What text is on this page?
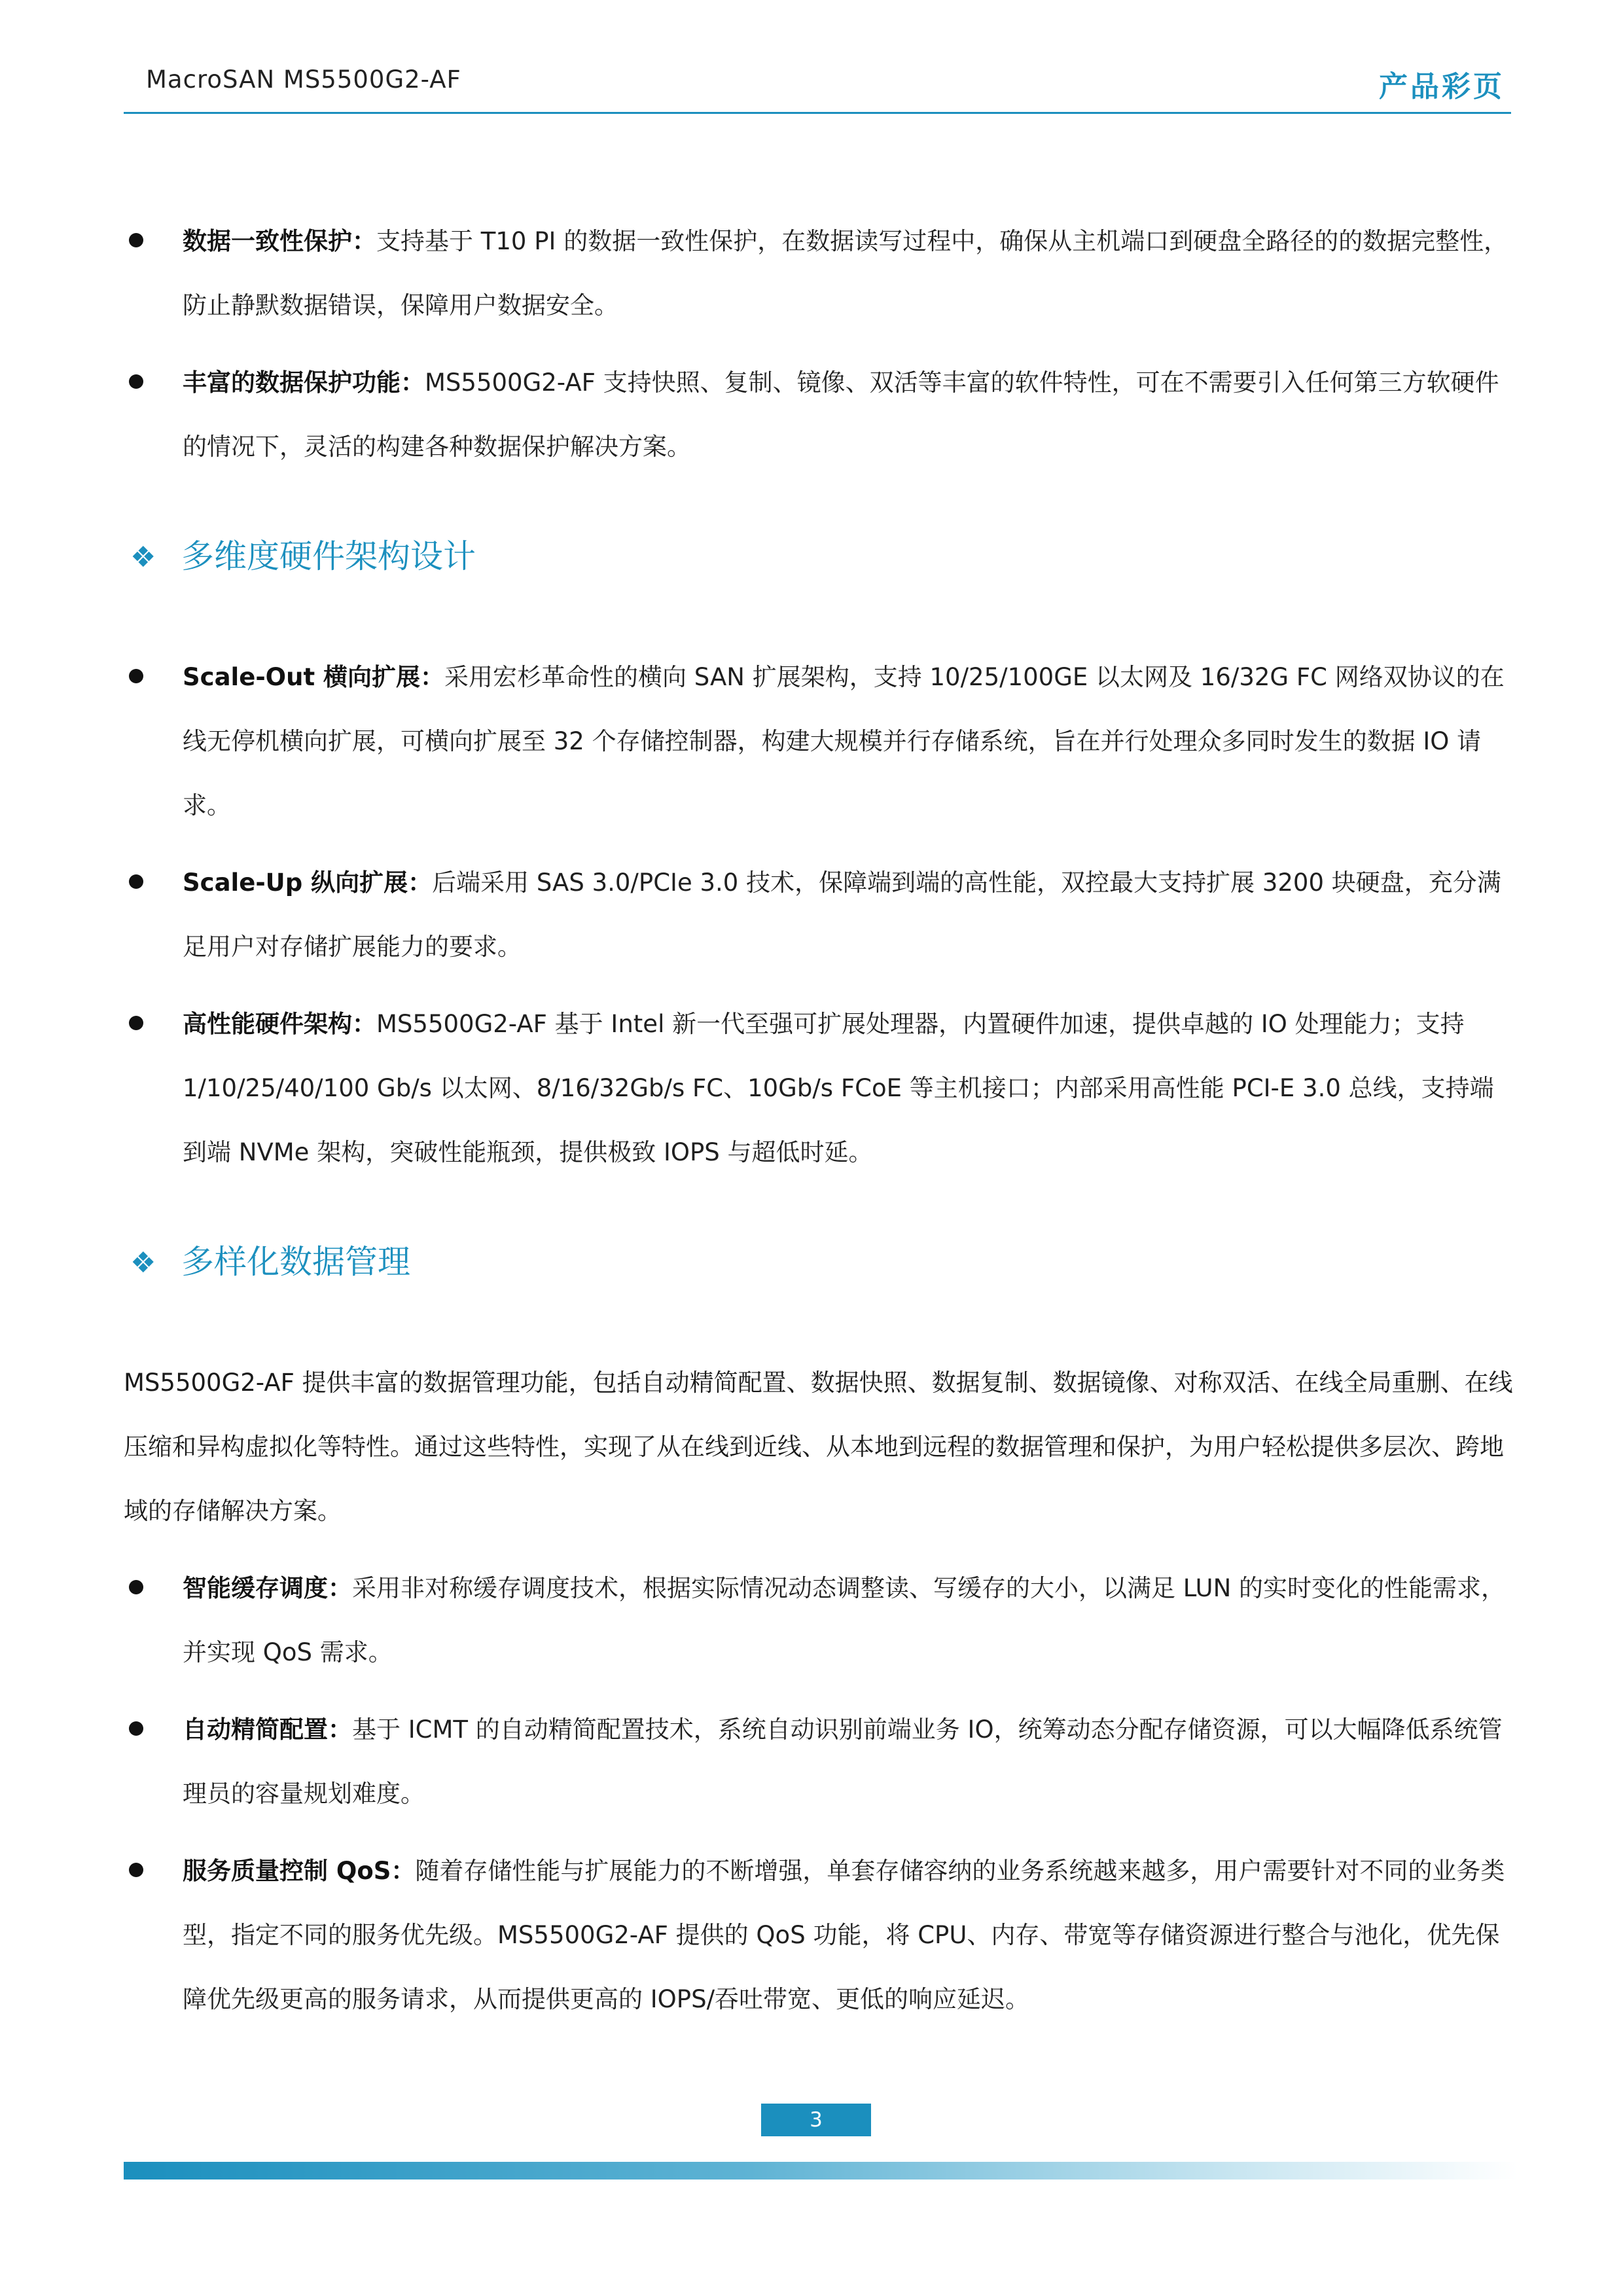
MacroSAN MS5500G2-AF	产品彩页
数据一致性保护：支持基于 T10 PI 的数据一致性保护，在数据读写过程中，确保从主机端口到硬盘全路径的的数据完整性，防止静默数据错误，保障用户数据安全。
丰富的数据保护功能：MS5500G2-AF 支持快照、复制、镜像、双活等丰富的软件特性，可在不需要引入任何第三方软硬件的情况下，灵活的构建各种数据保护解决方案。
❖ 多维度硬件架构设计
Scale-Out 横向扩展：采用宏杉革命性的横向 SAN 扩展架构，支持 10/25/100GE 以太网及 16/32G FC 网络双协议的在线无停机横向扩展，可横向扩展至 32 个存储控制器，构建大规模并行存储系统，旨在并行处理众多同时发生的数据 IO 请求。
Scale-Up 纵向扩展：后端采用 SAS 3.0/PCIe 3.0 技术，保障端到端的高性能，双控最大支持扩展 3200 块硬盘，充分满足用户对存储扩展能力的要求。
高性能硬件架构：MS5500G2-AF 基于 Intel 新一代至强可扩展处理器，内置硬件加速，提供卓越的 IO 处理能力；支持 1/10/25/40/100 Gb/s 以太网、8/16/32Gb/s FC、10Gb/s FCoE 等主机接口；内部采用高性能 PCI-E 3.0 总线，支持端到端 NVMe 架构，突破性能瓶颈，提供极致 IOPS 与超低时延。
❖ 多样化数据管理
MS5500G2-AF 提供丰富的数据管理功能，包括自动精简配置、数据快照、数据复制、数据镜像、对称双活、在线全局重删、在线压缩和异构虚拟化等特性。通过这些特性，实现了从在线到近线、从本地到远程的数据管理和保护，为用户轻松提供多层次、跨地域的存储解决方案。
智能缓存调度：采用非对称缓存调度技术，根据实际情况动态调整读、写缓存的大小，以满足 LUN 的实时变化的性能需求，并实现 QoS 需求。
自动精简配置：基于 ICMT 的自动精简配置技术，系统自动识别前端业务 IO，统筹动态分配存储资源，可以大幅降低系统管理员的容量规划难度。
服务质量控制 QoS：随着存储性能与扩展能力的不断增强，单套存储容纳的业务系统越来越多，用户需要针对不同的业务类型，指定不同的服务优先级。MS5500G2-AF 提供的 QoS 功能，将 CPU、内存、带宽等存储资源进行整合与池化，优先保障优先级更高的服务请求，从而提供更高的 IOPS/吞吐带宽、更低的响应延迟。
3
